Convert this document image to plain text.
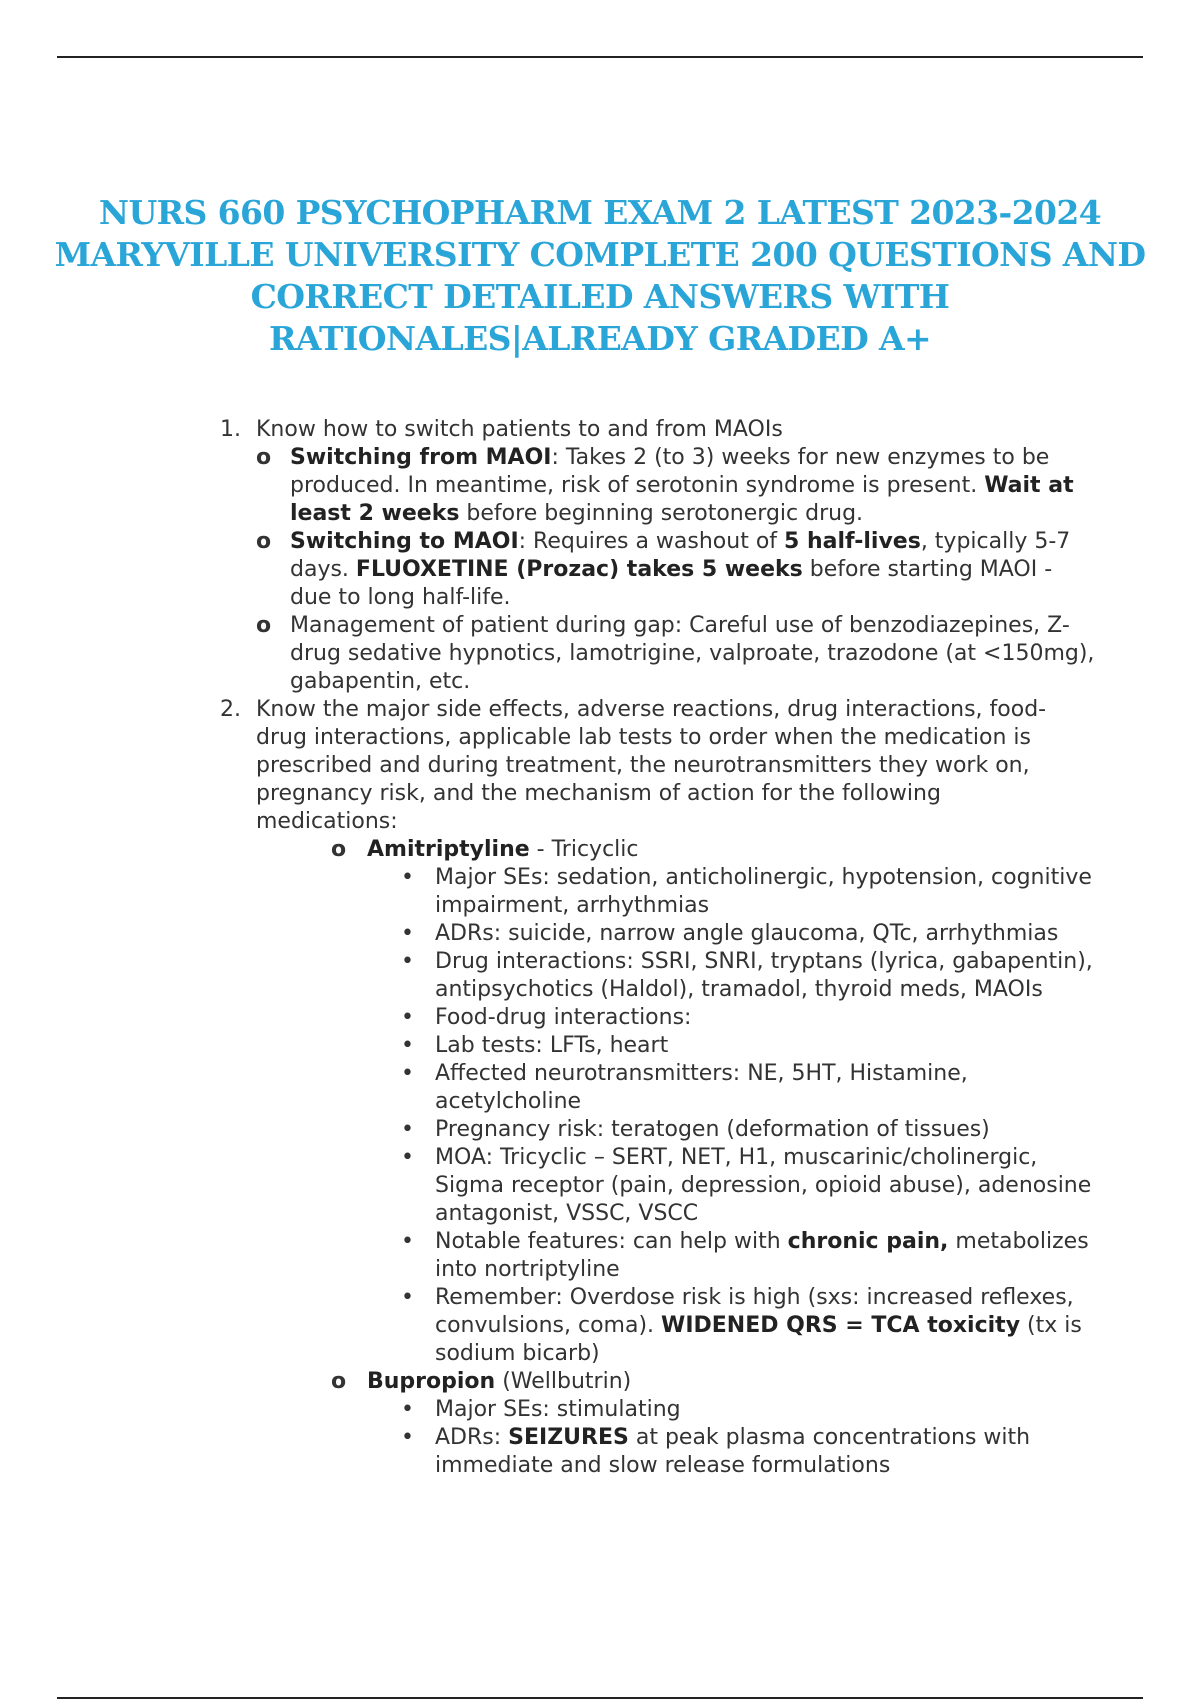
NURS 660 PSYCHOPHARM EXAM 2 LATEST 2023-2024
MARYVILLE UNIVERSITY COMPLETE 200 QUESTIONS AND
CORRECT DETAILED ANSWERS WITH
RATIONALES|ALREADY GRADED A+
1. Know how to switch patients to and from MAOIs
o Switching from MAOI: Takes 2 (to 3) weeks for new enzymes to be produced. In meantime, risk of serotonin syndrome is present. Wait at least 2 weeks before beginning serotonergic drug.
o Switching to MAOI: Requires a washout of 5 half-lives, typically 5-7 days. FLUOXETINE (Prozac) takes 5 weeks before starting MAOI - due to long half-life.
o Management of patient during gap: Careful use of benzodiazepines, Z-drug sedative hypnotics, lamotrigine, valproate, trazodone (at <150mg), gabapentin, etc.
2. Know the major side effects, adverse reactions, drug interactions, food-drug interactions, applicable lab tests to order when the medication is prescribed and during treatment, the neurotransmitters they work on, pregnancy risk, and the mechanism of action for the following medications:
o Amitriptyline - Tricyclic
• Major SEs: sedation, anticholinergic, hypotension, cognitive impairment, arrhythmias
• ADRs: suicide, narrow angle glaucoma, QTc, arrhythmias
• Drug interactions: SSRI, SNRI, tryptans (lyrica, gabapentin), antipsychotics (Haldol), tramadol, thyroid meds, MAOIs
• Food-drug interactions:
• Lab tests: LFTs, heart
• Affected neurotransmitters: NE, 5HT, Histamine, acetylcholine
• Pregnancy risk: teratogen (deformation of tissues)
• MOA: Tricyclic – SERT, NET, H1, muscarinic/cholinergic, Sigma receptor (pain, depression, opioid abuse), adenosine antagonist, VSSC, VSCC
• Notable features: can help with chronic pain, metabolizes into nortriptyline
• Remember: Overdose risk is high (sxs: increased reflexes, convulsions, coma). WIDENED QRS = TCA toxicity (tx is sodium bicarb)
o Bupropion (Wellbutrin)
• Major SEs: stimulating
• ADRs: SEIZURES at peak plasma concentrations with immediate and slow release formulations
